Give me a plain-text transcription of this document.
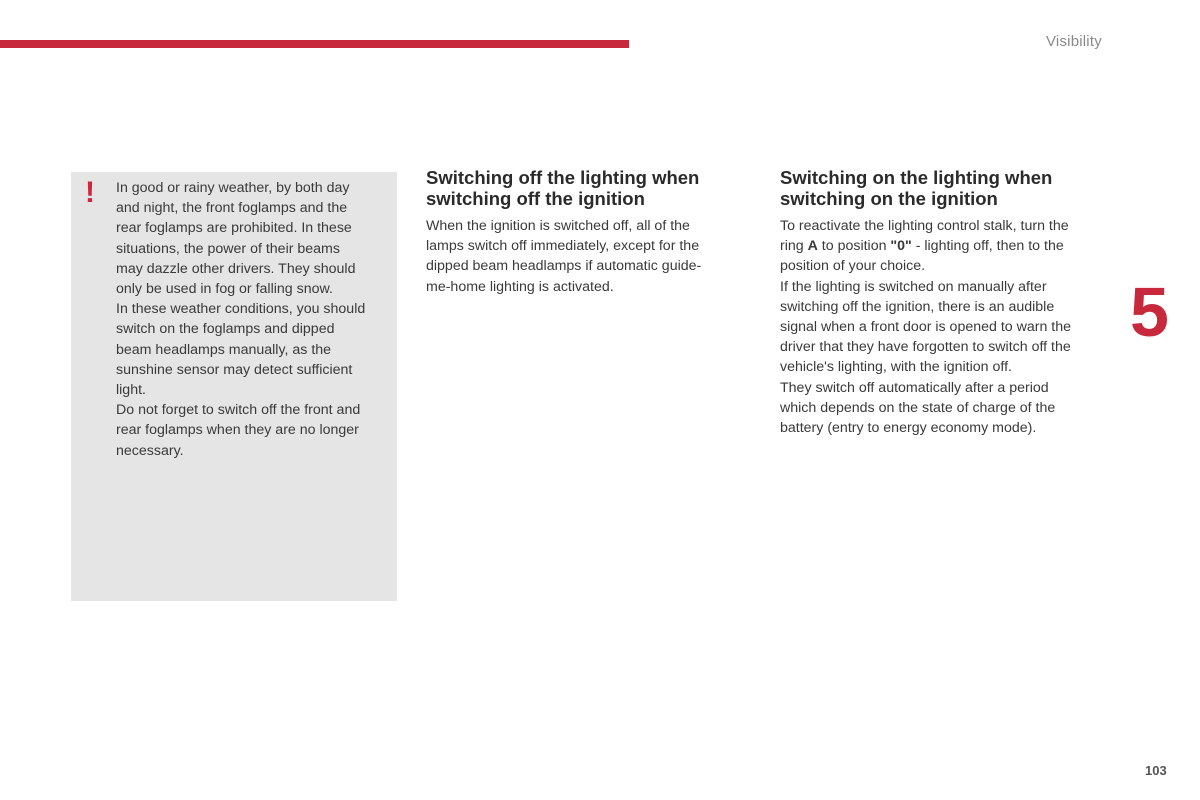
Visibility
! In good or rainy weather, by both day

and night, the front foglamps and the

rear foglamps are prohibited. In these

situations, the power of their beams

may dazzle other drivers. They should

only be used in fog or falling snow.

In these weather conditions, you should

switch on the foglamps and dipped

beam headlamps manually, as the

sunshine sensor may detect sufficient

light.

Do not forget to switch off the front and

rear foglamps when they are no longer

necessary.

Switching off the lighting when
switching off the ignition

When the ignition is switched off, all of the

lamps switch off immediately, except for the

dipped beam headlamps if automatic guide-

me-home lighting is activated.

Switching on the lighting when
switching on the ignition

To reactivate the lighting control stalk, turn the

ring A to position "0" - lighting off, then to the

position of your choice.

If the lighting is switched on manually after

switching off the ignition, there is an audible

signal when a front door is opened to warn the

driver that they have forgotten to switch off the

vehicle's lighting, with the ignition off.

They switch off automatically after a period

which depends on the state of charge of the

battery (entry to energy economy mode).

5
103
